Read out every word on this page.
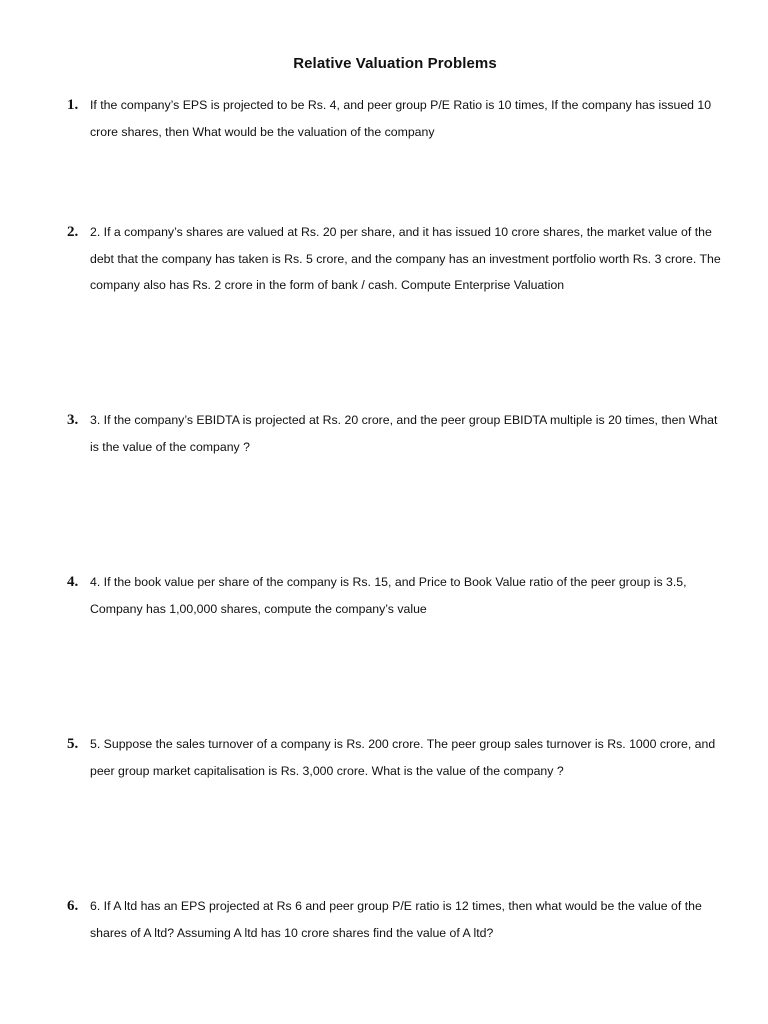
Relative Valuation Problems
1. If the company’s EPS is projected to be Rs. 4, and peer group P/E Ratio is 10 times, If the company has issued 10 crore shares, then What would be the valuation of the company
2. 2. If a company’s shares are valued at Rs. 20 per share, and it has issued 10 crore shares, the market value of the debt that the company has taken is Rs. 5 crore, and the company has an investment portfolio worth Rs. 3 crore. The company also has Rs. 2 crore in the form of bank / cash. Compute Enterprise Valuation
3. 3. If the company’s EBIDTA is projected at Rs. 20 crore, and the peer group EBIDTA multiple is 20 times, then What is the value of the company ?
4. 4. If the book value per share of the company is Rs. 15, and Price to Book Value ratio of the peer group is 3.5, Company has 1,00,000 shares, compute the company’s value
5. 5. Suppose the sales turnover of a company is Rs. 200 crore. The peer group sales turnover is Rs. 1000 crore, and peer group market capitalisation is Rs. 3,000 crore. What is the value of the company ?
6. 6. If A ltd has an EPS projected at Rs 6 and peer group P/E ratio is 12 times, then what would be the value of the shares of A ltd? Assuming A ltd has 10 crore shares find the value of A ltd?
